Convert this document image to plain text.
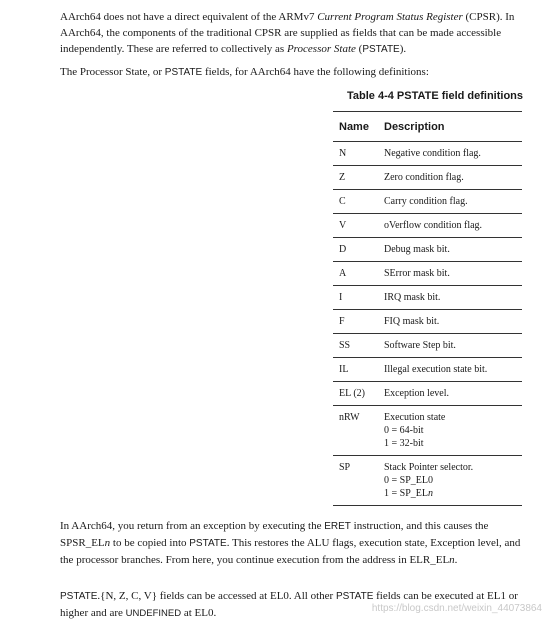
AArch64 does not have a direct equivalent of the ARMv7 Current Program Status Register (CPSR). In AArch64, the components of the traditional CPSR are supplied as fields that can be made accessible independently. These are referred to collectively as Processor State (PSTATE).

The Processor State, or PSTATE fields, for AArch64 have the following definitions:

Table 4-4 PSTATE field definitions

Name	Description
N	Negative condition flag.

Z	Zero condition flag.

C	Carry condition flag.

V	oVerflow condition flag.

D	Debug mask bit.

A	SError mask bit.

I	IRQ mask bit.

F	FIQ mask bit.

SS	Software Step bit.

IL	Illegal execution state bit.

EL (2)	Exception level.

nRW	Execution state
0 = 64-bit
1 = 32-bit

SP	Stack Pointer selector.
0 = SP_EL0
1 = SP_ELn

In AArch64, you return from an exception by executing the ERET instruction, and this causes the SPSR_ELn to be copied into PSTATE. This restores the ALU flags, execution state, Exception level, and the processor branches. From here, you continue execution from the address in ELR_ELn.

PSTATE.{N, Z, C, V} fields can be accessed at EL0. All other PSTATE fields can be executed at EL1 or higher and are UNDEFINED at EL0.	https://blog.csdn.net/weixin_44073864
